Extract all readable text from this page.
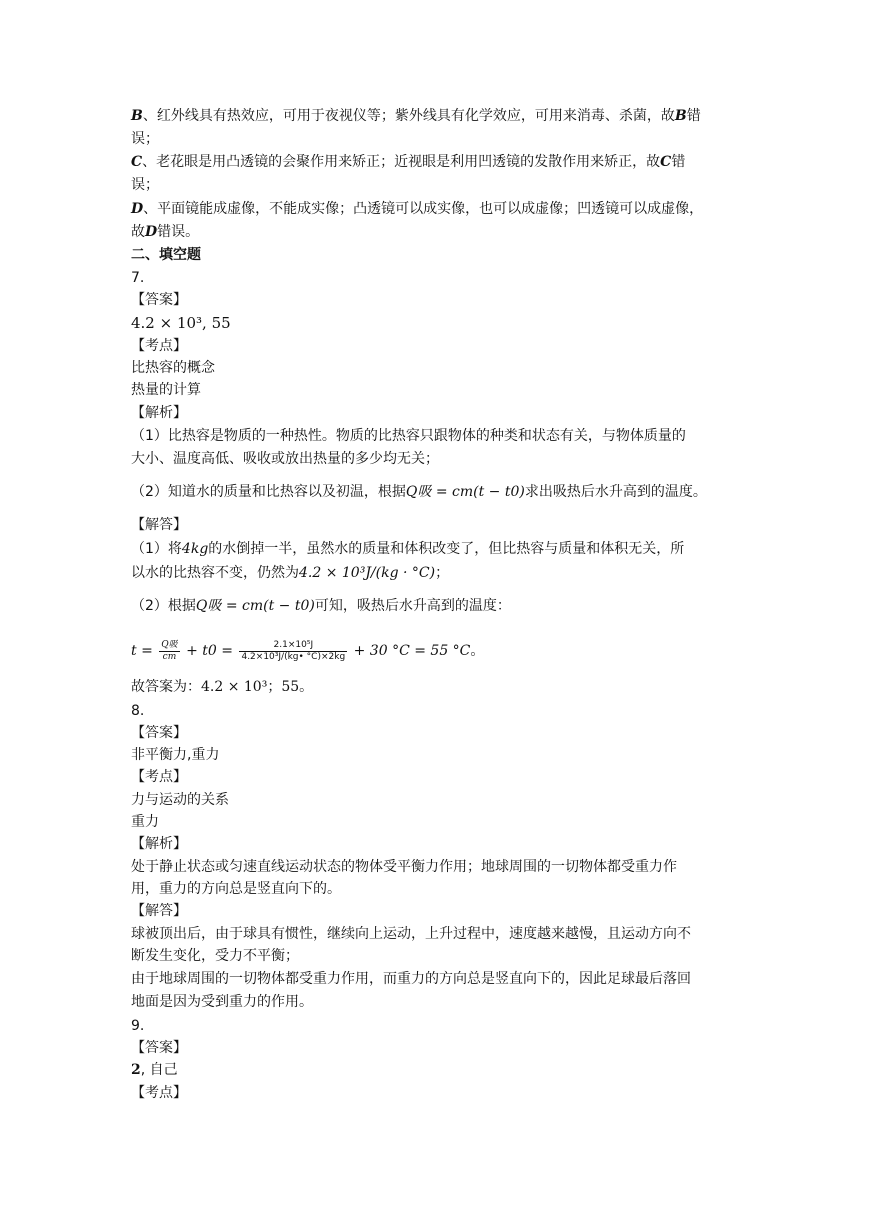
B、红外线具有热效应，可用于夜视仪等；紫外线具有化学效应，可用来消毒、杀菌，故B错
误；
C、老花眼是用凸透镜的会聚作用来矫正；近视眼是利用凹透镜的发散作用来矫正，故C错
误；
D、平面镜能成虚像，不能成实像；凸透镜可以成实像，也可以成虚像；凹透镜可以成虚像，
故D错误。
二、填空题
7.
【答案】
4.2 × 10³, 55
【考点】
比热容的概念
热量的计算
【解析】
（1）比热容是物质的一种热性。物质的比热容只跟物体的种类和状态有关，与物体质量的
大小、温度高低、吸收或放出热量的多少均无关；
（2）知道水的质量和比热容以及初温，根据Q吸 = cm(t − t0)求出吸热后水升高到的温度。
【解答】
（1）将4kg的水倒掉一半，虽然水的质量和体积改变了，但比热容与质量和体积无关，所
以水的比热容不变，仍然为4.2 × 10³J/(kg · °C)；
（2）根据Q吸 = cm(t − t0)可知，吸热后水升高到的温度：
$t = \frac{\text{Q吸}}{cm} + t0 = \frac{\text{2.1×10⁵J}}{\text{4.2×10³J/(kg• °C)×2kg}} + 30$ °C = 55 °C。
故答案为：4.2 × 10³；55。
8.
【答案】
非平衡力,重力
【考点】
力与运动的关系
重力
【解析】
处于静止状态或匀速直线运动状态的物体受平衡力作用；地球周围的一切物体都受重力作
用，重力的方向总是竖直向下的。
【解答】
球被顶出后，由于球具有惯性，继续向上运动，上升过程中，速度越来越慢，且运动方向不
断发生变化，受力不平衡；
由于地球周围的一切物体都受重力作用，而重力的方向总是竖直向下的，因此足球最后落回
地面是因为受到重力的作用。
9.
【答案】
2, 自己
【考点】
